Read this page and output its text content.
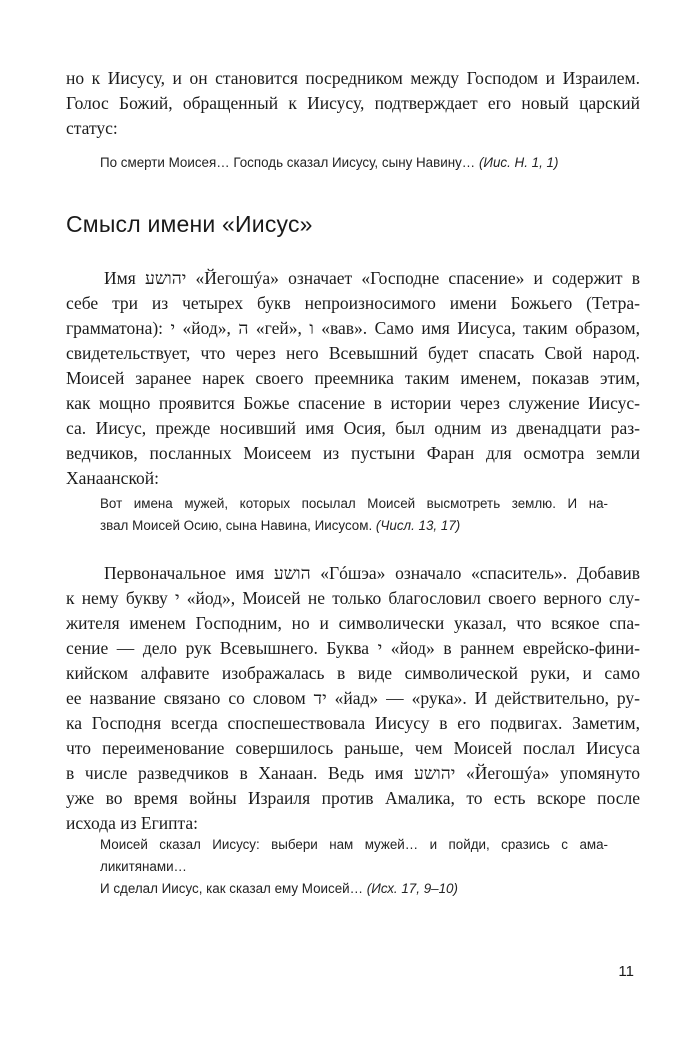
но к Иисусу, и он становится посредником между Господом и Израилем.
Голос Божий, обращенный к Иисусу, подтверждает его новый царский
статус:
По смерти Моисея… Господь сказал Иисусу, сыну Навину… (Иис. Н. 1, 1)
Смысл имени «Иисус»
Имя יהושע «Йегошýа» означает «Господне спасение» и содержит в
себе три из четырех букв непроизносимого имени Божьего (Тетра-
грамматона): י «йод», ה «гей», ו «вав». Само имя Иисуса, таким образом,
свидетельствует, что через него Всевышний будет спасать Свой народ.
Моисей заранее нарек своего преемника таким именем, показав этим,
как мощно проявится Божье спасение в истории через служение Иисус-
са. Иисус, прежде носивший имя Осия, был одним из двенадцати раз-
ведчиков, посланных Моисеем из пустыни Фаран для осмотра земли
Ханаанской:
Вот имена мужей, которых посылал Моисей высмотреть землю. И на-
звал Моисей Осию, сына Навина, Иисусом. (Числ. 13, 17)
Первоначальное имя הושע «Гóшэа» означало «спаситель». Добавив
к нему букву י «йод», Моисей не только благословил своего верного слу-
жителя именем Господним, но и символически указал, что всякое спа-
сение — дело рук Всевышнего. Буква י «йод» в раннем еврейско-фини-
кийском алфавите изображалась в виде символической руки, и само
ее название связано со словом יד «йад» — «рука». И действительно, ру-
ка Господня всегда споспешествовала Иисусу в его подвигах. Заметим,
что переименование совершилось раньше, чем Моисей послал Иисуса
в числе разведчиков в Ханаан. Ведь имя יהושע «Йегошýа» упомянуто
уже во время войны Израиля против Амалика, то есть вскоре после
исхода из Египта:
Моисей сказал Иисусу: выбери нам мужей… и пойди, сразись с ама-
ликитянами…
И сделал Иисус, как сказал ему Моисей… (Исх. 17, 9–10)
11
